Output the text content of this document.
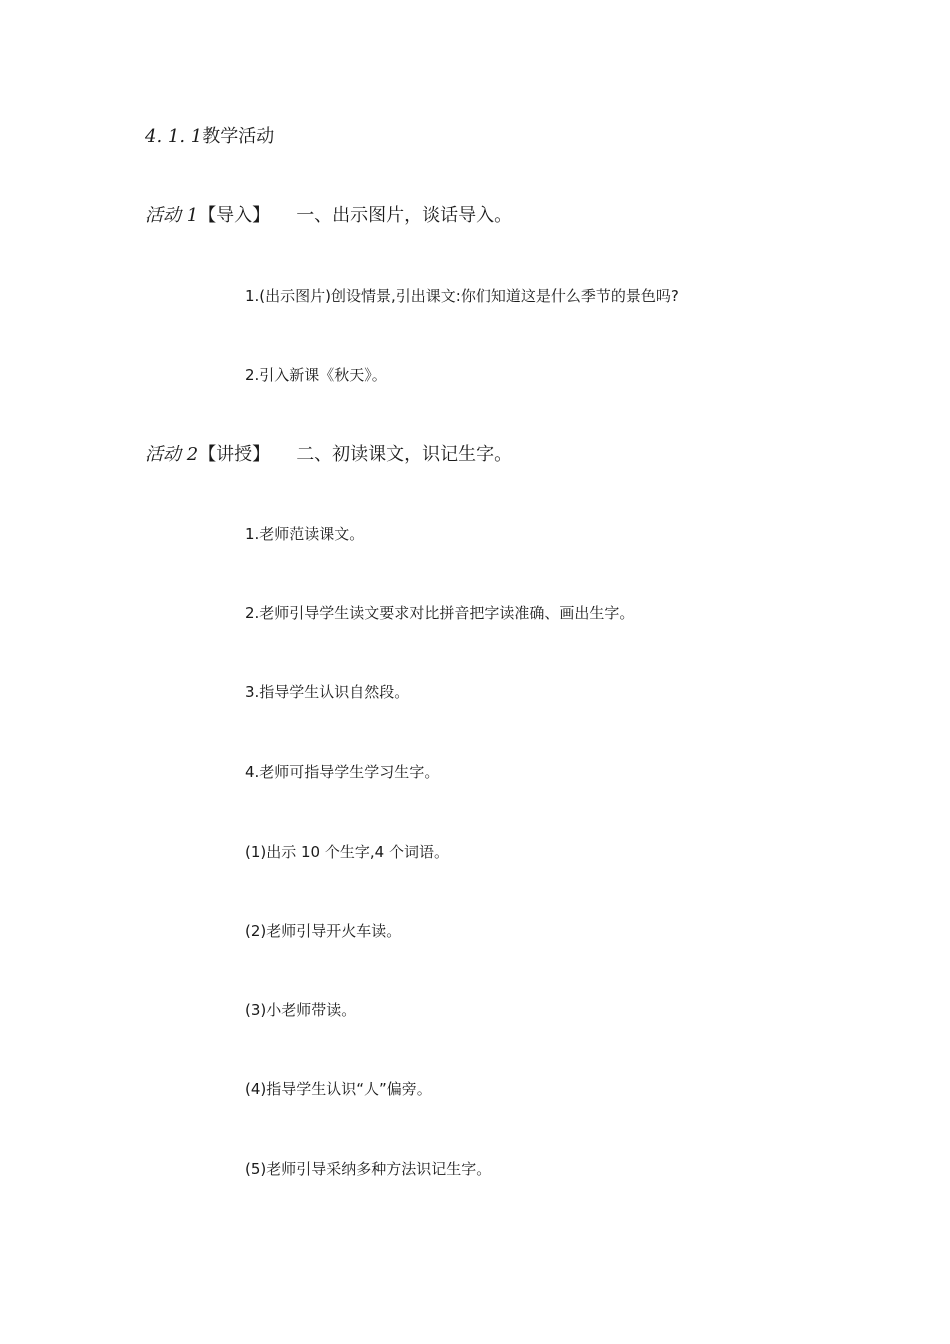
4. 1. 1教学活动
活动 1【导入】 一、出示图片，谈话导入。
1.(出示图片)创设情景,引出课文:你们知道这是什么季节的景色吗?
2.引入新课《秋天》。
活动 2【讲授】 二、初读课文，识记生字。
1.老师范读课文。
2.老师引导学生读文要求对比拼音把字读准确、画出生字。
3.指导学生认识自然段。
4.老师可指导学生学习生字。
(1)出示 10 个生字,4 个词语。
(2)老师引导开火车读。
(3)小老师带读。
(4)指导学生认识“人”偏旁。
(5)老师引导采纳多种方法识记生字。
